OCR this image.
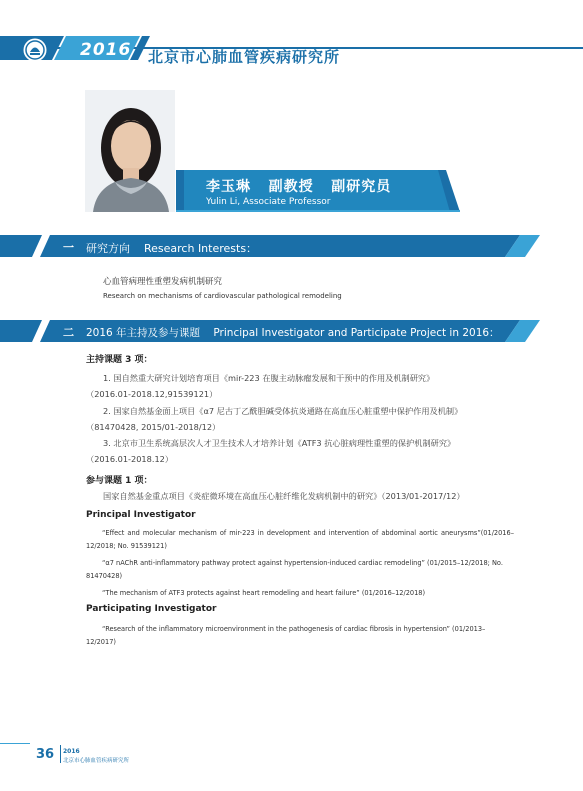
2016 北京市心肺血管疾病研究所
李玉琳   副教授   副研究员
Yulin Li, Associate Professor
一 研究方向    Research Interests：
心血管病理性重塑发病机制研究
Research on mechanisms of cardiovascular pathological remodeling
二 2016 年主持及参与课题    Principal Investigator and Participate Project in 2016：
主持课题 3 项：
1. 国自然重大研究计划培育项目《mir-223 在腹主动脉瘤发展和干预中的作用及机制研究》
（2016.01-2018.12,91539121）
2. 国家自然基金面上项目《α7 尼古丁乙酰胆碱受体抗炎通路在高血压心脏重塑中保护作用及机制》
（81470428, 2015/01-2018/12）
3. 北京市卫生系统高层次人才卫生技术人才培养计划《ATF3 抗心脏病理性重塑的保护机制研究》
（2016.01-2018.12）
参与课题 1 项：
国家自然基金重点项目《炎症微环境在高血压心脏纤维化发病机制中的研究》（2013/01-2017/12）
Principal Investigator
“Effect and molecular mechanism of mir-223 in development and intervention of abdominal aortic aneurysms”(01/2016–12/2018; No. 91539121)
“α7 nAChR anti-inflammatory pathway protect against hypertension-induced cardiac remodeling” (01/2015–12/2018; No. 81470428)
“The mechanism of ATF3 protects against heart remodeling and heart failure” (01/2016–12/2018)
Participating Investigator
“Research of the inflammatory microenvironment in the pathogenesis of cardiac fibrosis in hypertension” (01/2013–12/2017)
36 2016
北京市心肺血管疾病研究所
